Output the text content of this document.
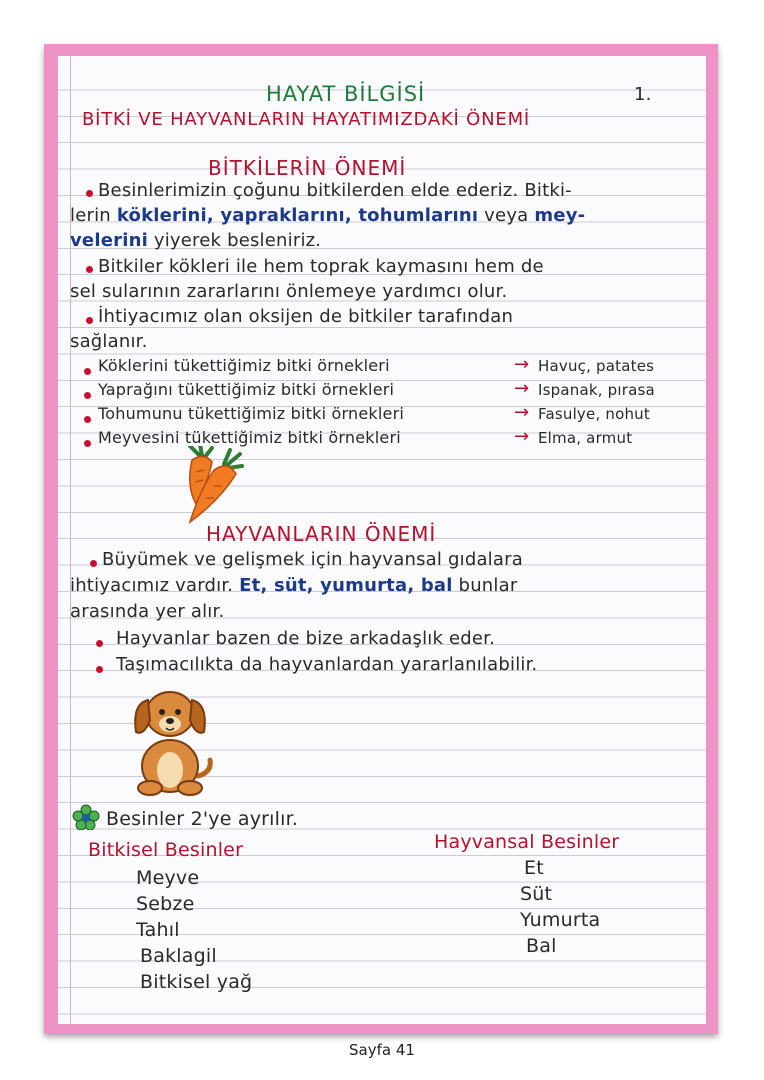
HAYAT BİLGİSİ	1.
BİTKİ VE HAYVANLARIN HAYATIMIZDAKİ ÖNEMİ
BİTKİLERİN ÖNEMİ
Besinlerimizin çoğunu bitkilerden elde ederiz. Bitki-
lerin köklerini, yapraklarını, tohumlarını veya mey-
velerini yiyerek besleniriz.
Bitkiler kökleri ile hem toprak kaymasını hem de
sel sularının zararlarını önlemeye yardımcı olur.
İhtiyacımız olan oksijen de bitkiler tarafından
sağlanır.
Köklerini tükettiğimiz bitki örnekleri	→ Havuç, patates
Yaprağını tükettiğimiz bitki örnekleri	→ Ispanak, pırasa
Tohumunu tükettiğimiz bitki örnekleri	→ Fasulye, nohut
Meyvesini tükettiğimiz bitki örnekleri	→ Elma, armut
HAYVANLARIN ÖNEMİ
Büyümek ve gelişmek için hayvansal gıdalara
ihtiyacımız vardır. Et, süt, yumurta, bal bunlar
arasında yer alır.
Hayvanlar bazen de bize arkadaşlık eder.
Taşımacılıkta da hayvanlardan yararlanılabilir.
Besinler 2'ye ayrılır.
Bitkisel Besinler	Hayvansal Besinler
Meyve
Sebze
Tahıl
Baklagil
Bitkisel yağ
Et
Süt
Yumurta
Bal
Sayfa 41
